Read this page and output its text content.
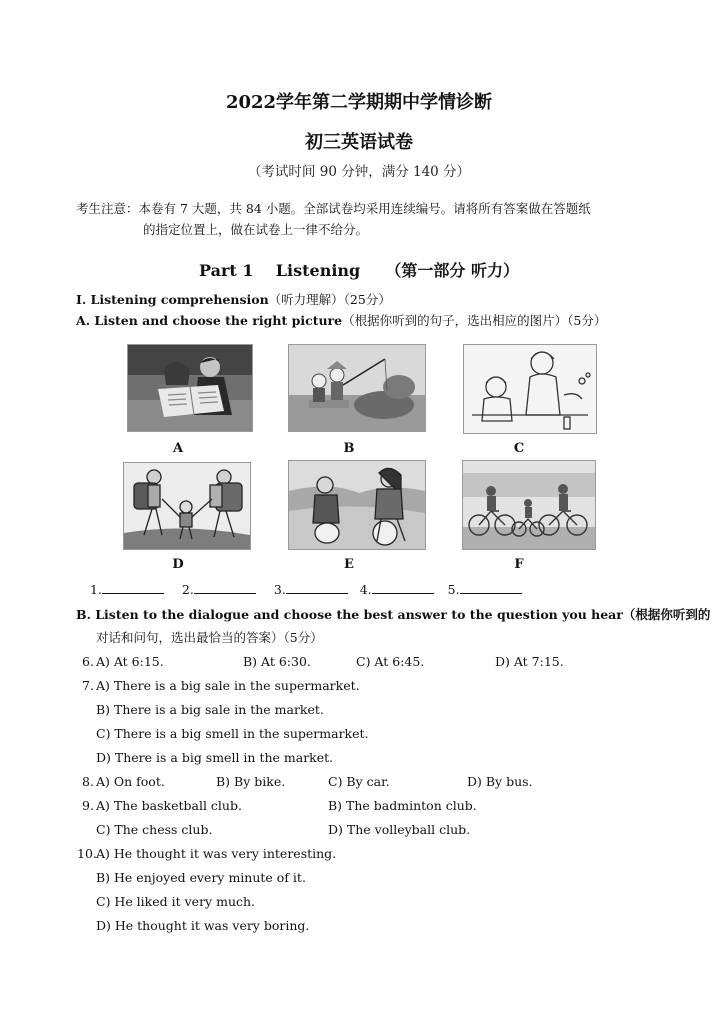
2022学年第二学期期中学情诊断
初三英语试卷
（考试时间 90 分钟，满分 140 分）
考生注意：本卷有 7 大题，共 84 小题。全部试卷均采用连续编号。请将所有答案做在答题纸
的指定位置上，做在试卷上一律不给分。
Part 1    Listening （第一部分 听力）
I. Listening comprehension（听力理解）（25分）
A. Listen and choose the right picture（根据你听到的句子，选出相应的图片）（5分）
A	B	C
D	E	F
1.	2.	3.	4.	5.
B. Listen to the dialogue and choose the best answer to the question you hear（根据你听到的
对话和问句，选出最恰当的答案）（5分）
6. A) At 6:15.	B) At 6:30.	C) At 6:45.	D) At 7:15.
7. A) There is a big sale in the supermarket.
B) There is a big sale in the market.
C) There is a big smell in the supermarket.
D) There is a big smell in the market.
8. A) On foot.	B) By bike.	C) By car.	D) By bus.
9. A) The basketball club.	B) The badminton club.
C) The chess club.	D) The volleyball club.
10. A) He thought it was very interesting.
B) He enjoyed every minute of it.
C) He liked it very much.
D) He thought it was very boring.
